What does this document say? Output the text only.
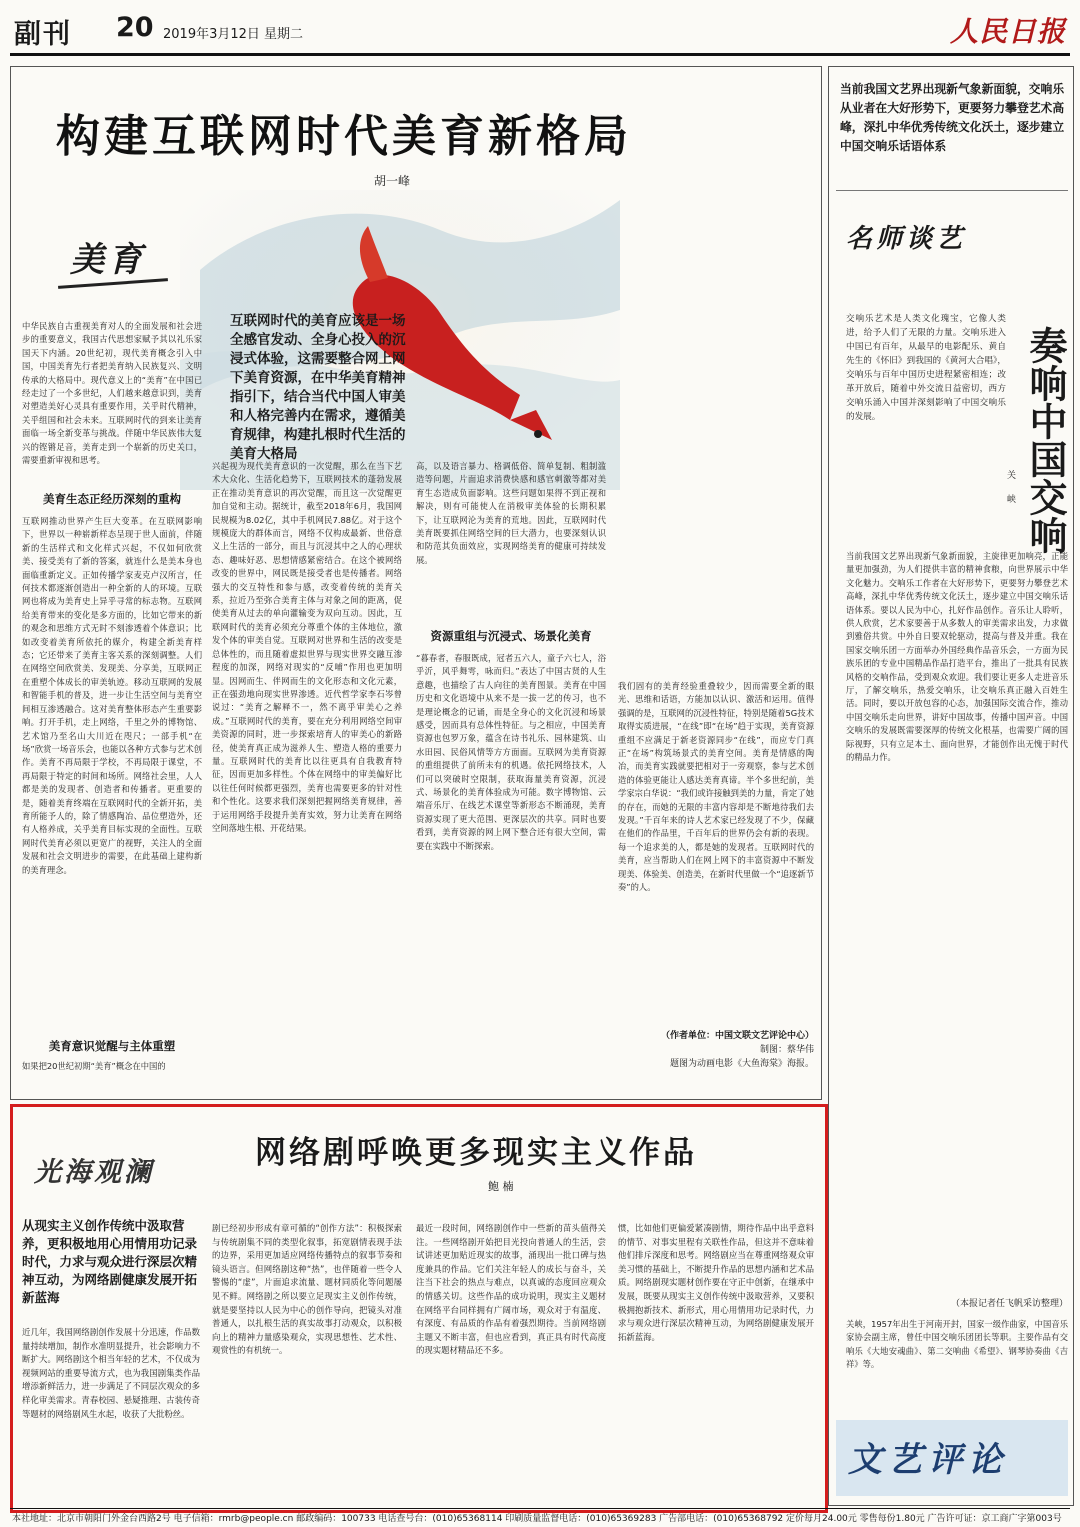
副刊 20 2019年3月12日 星期二	人民日报
构建互联网时代美育新格局
胡一峰
美育
互联网时代的美育应该是一场全感官发动、全身心投入的沉浸式体验，这需要整合网上网下美育资源，在中华美育精神指引下，结合当代中国人审美和人格完善内在需求，遵循美育规律，构建扎根时代生活的美育大格局
中华民族自古重视美育对人的全面发展和社会进步的重要意义，我国古代思想家赋予其以礼乐家国天下内涵。20世纪初，现代美育概念引入中国，中国美育先行者把美育纳入民族复兴、文明传承的大格局中。现代意义上的“美育”在中国已经走过了一个多世纪，人们越来越意识到，美育对塑造美好心灵具有重要作用，关乎时代精神，关乎组国和社会未来。互联网时代的到来让美育面临一场全新变革与挑战。伴随中华民族伟大复兴的铿锵足音，美育走到一个崭新的历史关口，需要重新审视和思考。
美育生态正经历深刻的重构
互联网推动世界产生巨大变革。在互联网影响下，世界以一种崭新样态呈现于世人面前，伴随新的生活样式和文化样式兴起，不仅如何欣赏美、接受美有了新的答案，就连什么是美本身也面临重新定义。正如传播学家麦克卢汉所言，任何技术都逐渐创造出一种全新的人的环境。互联网也将成为美育史上异乎寻常的标志物。互联网给美育带来的变化是多方面的，比如它带来的新的观念和思维方式无时不刻渗透着个体意识；比如改变着美育所依托的媒介，构建全新美育样态；它还带来了美育主客关系的深刻调整。人们在网络空间欣赏美、发现美、分享美，互联网正在重塑个体成长的审美轨迹。移动互联网的发展和智能手机的普及，进一步让生活空间与美育空间相互渗透融合。这对美育整体形态产生重要影响。打开手机，走上网络，千里之外的博物馆、艺术馆乃至名山大川近在咫尺；一部手机“在场”欣赏一场音乐会，也能以各种方式参与艺术创作。美育不再局限于学校，不再局限于课堂，不再局限于特定的时间和场所。网络社会里，人人都是美的发现者、创造者和传播者。更重要的是，随着美育终端在互联网时代的全新开拓，美育所能予人的，除了情感陶冶、品位塑造外，还有人格养成，关乎美育目标实现的全面性。互联网时代美育必须以更宽广的视野，关注人的全面发展和社会文明进步的需要，在此基础上建构新的美育理念。
美育意识觉醒与主体重塑
如果把20世纪初期“美育”概念在中国的
兴起视为现代美育意识的一次觉醒，那么在当下艺术大众化、生活化趋势下，互联网技术的蓬勃发展正在推动美育意识的再次觉醒，而且这一次觉醒更加自觉和主动。据统计，截至2018年6月，我国网民规模为8.02亿，其中手机网民7.88亿。对于这个规模庞大的群体而言，网络不仅构成最新、世俗意义上生活的一部分，而且与沉浸其中之人的心理状态、趣味好恶、思想情感紧密结合。在这个被网络改变的世界中，网民既是接受者也是传播者。网络强大的交互特性和参与感，改变着传统的美育关系，拉近乃至弥合美育主体与对象之间的距离，促使美育从过去的单向灌输变为双向互动。因此，互联网时代的美育必须充分尊重个体的主体地位，激发个体的审美自觉。互联网对世界和生活的改变是总体性的，而且随着虚拟世界与现实世界交融互渗程度的加深，网络对现实的“反哺”作用也更加明显。因网而生、伴网而生的文化形态和文化元素，正在强劲地向现实世界渗透。近代哲学家李石岑曾说过：“美育之解释不一，然不离乎审美心之养成。”互联网时代的美育，要在充分利用网络空间审美资源的同时，进一步探索培育人的审美心的新路径，使美育真正成为滋养人生、塑造人格的重要力量。互联网时代的美育比以往更具有自我教育特征，因而更加多样性。个体在网络中的审美偏好比以往任何时候都更强烈，美育也需要更多的针对性和个性化。这要求我们深刻把握网络美育规律，善于运用网络手段提升美育实效，努力让美育在网络空间落地生根、开花结果。
高，以及语言暴力、格调低俗、简单复制、粗制滥造等问题，片面追求消费快感和感官刺激等都对美育生态造成负面影响。这些问题如果得不到正视和解决，则有可能使人在消极审美体验的长期积累下，让互联网沦为美育的荒地。因此，互联网时代美育既要抓住网络空间的巨大潜力，也要深刻认识和防范其负面效应，实现网络美育的健康可持续发展。
资源重组与沉浸式、场景化美育
“暮春者，春服既成，冠者五六人，童子六七人，浴乎沂，风乎舞雩，咏而归。”表达了中国古贤的人生意趣，也描绘了古人向往的美育图景。美育在中国历史和文化语境中从来不是一拔一艺的传习，也不是理论概念的记诵，而是全身心的文化沉浸和场景感受，因而具有总体性特征。与之相应，中国美育资源也包罗万象，蕴含在诗书礼乐、园林建筑、山水田园、民俗风情等方方面面。互联网为美育资源的重组提供了前所未有的机遇。依托网络技术，人们可以突破时空限制，获取海量美育资源，沉浸式、场景化的美育体验成为可能。数字博物馆、云端音乐厅、在线艺术课堂等新形态不断涌现，美育资源实现了更大范围、更深层次的共享。同时也要看到，美育资源的网上网下整合还有很大空间，需要在实践中不断探索。
我们固有的美育经验重叠较少，因而需要全新的眼光、思维和话语，方能加以认识、激活和运用。值得强调的是，互联网的沉浸性特征，特别是随着5G技术取得实质进展，“在线”即“在场”趋于实现，美育资源重组不应满足于新老资源同步“在线”，而应专门真正“在场”构筑场景式的美育空间。美育是情感的陶冶，而美育实践就要把相对于一旁观察，参与艺术创造的体验更能让人感达美育真谛。半个多世纪前，美学家宗白华说：“我们或许接触到美的力量，肯定了她的存在，而她的无限的丰富内容却是不断地待我们去发现。”千百年来的诗人艺术家已经发现了不少，保藏在他们的作品里，千百年后的世界仍会有新的表现。每一个追求美的人，都是她的发现者。互联网时代的美育，应当帮助人们在网上网下的丰富资源中不断发现美、体验美、创造美，在新时代里做一个“追逐新节奏”的人。
（作者单位：中国文联文艺评论中心）
制图：蔡华伟
题图为动画电影《大鱼海棠》海报。
网络剧呼唤更多现实主义作品
鲍 楠
光海观澜
从现实主义创作传统中汲取营养，更积极地用心用情用功记录时代，力求与观众进行深层次精神互动，为网络剧健康发展开拓新蓝海
近几年，我国网络剧创作发展十分迅速，作品数量持续增加，制作水准明显提升，社会影响力不断扩大。网络剧这个相当年轻的艺术，不仅成为视频网站的重要导流方式，也为我国剧集类作品增添新鲜活力，进一步满足了不同层次观众的多样化审美需求。青春校园、悬疑推理、古装传奇等题材的网络剧风生水起，收获了大批粉丝。
剧已经初步形成有章可循的“创作方法”：积极探索与传统剧集不同的类型化叙事，拓宽剧情表现手法的边界，采用更加适应网络传播特点的叙事节奏和镜头语言。但网络剧这种“热”，也伴随着一些令人警惕的“虚”，片面追求流量、题材同质化等问题屡见不鲜。网络剧之所以要立足现实主义创作传统，就是要坚持以人民为中心的创作导向，把镜头对准普通人，以扎根生活的真实故事打动观众，以积极向上的精神力量感染观众，实现思想性、艺术性、观赏性的有机统一。
最近一段时间，网络剧创作中一些新的苗头值得关注。一些网络剧开始把目光投向普通人的生活，尝试讲述更加贴近现实的故事，涌现出一批口碑与热度兼具的作品。它们关注年轻人的成长与奋斗，关注当下社会的热点与难点，以真诚的态度回应观众的情感关切。这些作品的成功说明，现实主义题材在网络平台同样拥有广阔市场，观众对于有温度、有深度、有品质的作品有着强烈期待。当前网络剧主题又不断丰富，但也应看到，真正具有时代高度的现实题材精品还不多。
惯，比如他们更偏爱紧凑剧情，期待作品中出乎意料的情节、对事实里程有关联性作品，但这并不意味着他们排斥深度和思考。网络剧应当在尊重网络观众审美习惯的基础上，不断提升作品的思想内涵和艺术品质。网络剧现实题材创作要在守正中创新，在继承中发展，既要从现实主义创作传统中汲取营养，又要积极拥抱新技术、新形式，用心用情用功记录时代，力求与观众进行深层次精神互动，为网络剧健康发展开拓新蓝海。
当前我国文艺界出现新气象新面貌，交响乐从业者在大好形势下，更要努力攀登艺术高峰，深扎中华优秀传统文化沃土，逐步建立中国交响乐话语体系
名师谈艺
交响乐艺术是人类文化瑰宝，它像人类进，给予人们了无限的力量。交响乐进入中国已有百年，从最早的电影配乐、黄自先生的《怀旧》到我国的《黄河大合唱》，交响乐与百年中国历史进程紧密相连；改革开放后，随着中外交流日益密切，西方交响乐涌入中国并深刻影响了中国交响乐的发展。	奏响中国交响
关 峡
当前我国文艺界出现新气象新面貌，主旋律更加响亮，正能量更加强劲，为人们提供丰富的精神食粮，向世界展示中华文化魅力。交响乐工作者在大好形势下，更要努力攀登艺术高峰，深扎中华优秀传统文化沃土，逐步建立中国交响乐话语体系。要以人民为中心，扎好作品创作。音乐让人聆听，供人欣赏，艺术家要善于从多数人的审美需求出发，力求做到雅俗共赏。中外自日要双轮驱动，提高与普及并重。我在国家交响乐团一方面举办外国经典作品音乐会，一方面为民族乐团的专业中国精品作品打造平台，推出了一批具有民族风格的交响作品，受到观众欢迎。我们要让更多人走进音乐厅，了解交响乐，热爱交响乐，让交响乐真正融入百姓生活。同时，要以开放包容的心态，加强国际交流合作，推动中国交响乐走向世界，讲好中国故事，传播中国声音。中国交响乐的发展既需要深厚的传统文化根基，也需要广阔的国际视野，只有立足本土、面向世界，才能创作出无愧于时代的精品力作。
（本报记者任飞帆采访整理）
关峡，1957年出生于河南开封，国家一级作曲家，中国音乐家协会副主席，曾任中国交响乐团团长等职。主要作品有交响乐《大地安魂曲》、第二交响曲《希望》、钢琴协奏曲《吉祥》等。
文艺评论
本社地址：北京市朝阳门外金台西路2号 电子信箱：rmrb@people.cn 邮政编码：100733 电话查号台：(010)65368114 印刷质量监督电话：(010)65369283 广告部电话：(010)65368792 定价每月24.00元 零售每份1.80元 广告许可证：京工商广字第003号
